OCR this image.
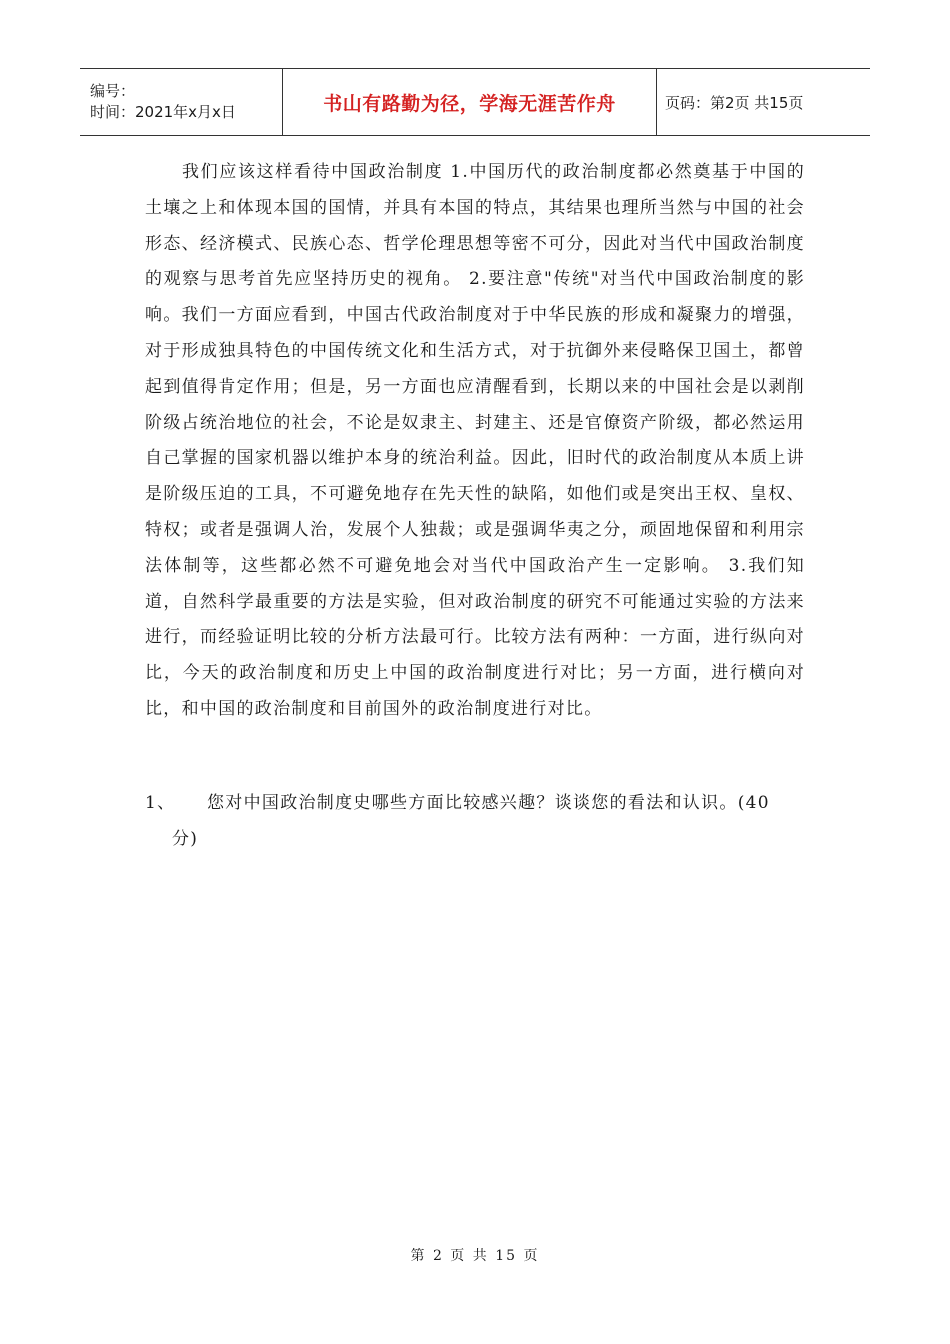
编号：
时间：2021年x月x日	书山有路勤为径，学海无涯苦作舟	页码：第2页 共15页

我们应该这样看待中国政治制度 1.中国历代的政治制度都必然奠基于中国的土壤之上和体现本国的国情，并具有本国的特点，其结果也理所当然与中国的社会形态、经济模式、民族心态、哲学伦理思想等密不可分，因此对当代中国政治制度的观察与思考首先应坚持历史的视角。 2.要注意"传统"对当代中国政治制度的影响。我们一方面应看到，中国古代政治制度对于中华民族的形成和凝聚力的增强，对于形成独具特色的中国传统文化和生活方式，对于抗御外来侵略保卫国土，都曾起到值得肯定作用；但是，另一方面也应清醒看到，长期以来的中国社会是以剥削阶级占统治地位的社会，不论是奴隶主、封建主、还是官僚资产阶级，都必然运用自己掌握的国家机器以维护本身的统治利益。因此，旧时代的政治制度从本质上讲是阶级压迫的工具，不可避免地存在先天性的缺陷，如他们或是突出王权、皇权、特权；或者是强调人治，发展个人独裁；或是强调华夷之分，顽固地保留和利用宗法体制等，这些都必然不可避免地会对当代中国政治产生一定影响。 3.我们知道，自然科学最重要的方法是实验，但对政治制度的研究不可能通过实验的方法来进行，而经验证明比较的分析方法最可行。比较方法有两种：一方面，进行纵向对比，今天的政治制度和历史上中国的政治制度进行对比；另一方面，进行横向对比，和中国的政治制度和目前国外的政治制度进行对比。

1、	您对中国政治制度史哪些方面比较感兴趣？谈谈您的看法和认识。(40
分)
第 2 页 共 15 页
